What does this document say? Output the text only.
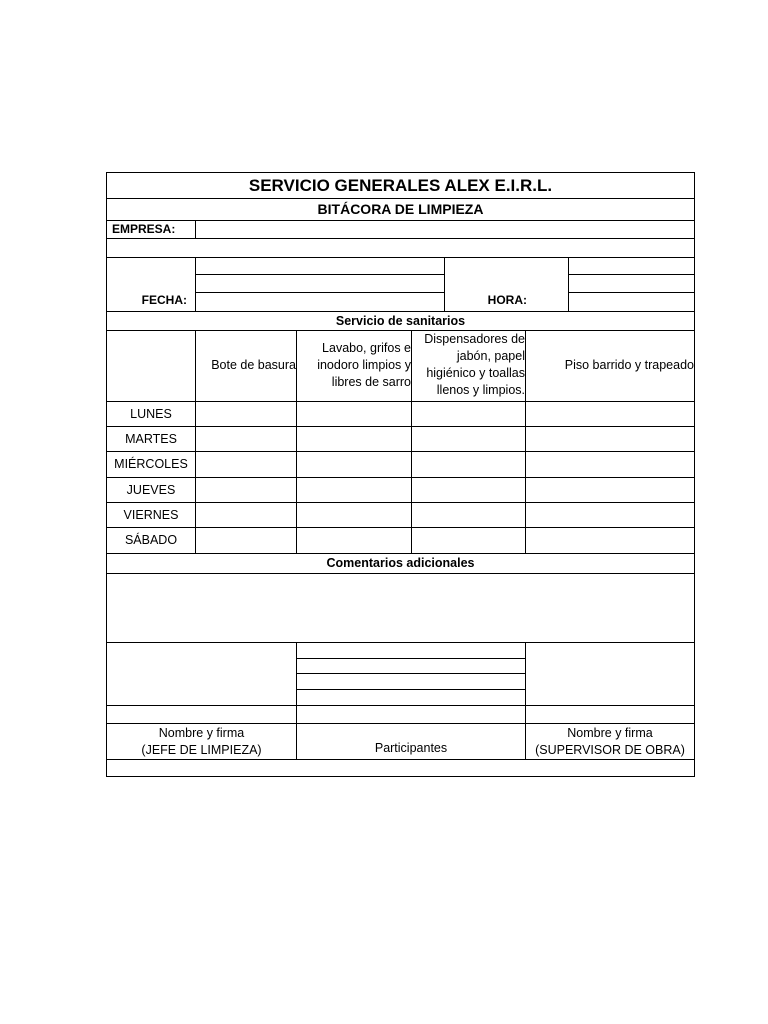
SERVICIO GENERALES ALEX E.I.R.L.
BITÁCORA DE LIMPIEZA
EMPRESA:
FECHA:	HORA:
Servicio de sanitarios
Bote de basura
Lavabo, grifos e
inodoro limpios y
libres de sarro
Dispensadores de
jabón, papel
higiénico y toallas
llenos y limpios.
Piso barrido y trapeado
LUNES
MARTES
MIÉRCOLES
JUEVES
VIERNES
SÁBADO
Comentarios adicionales
Nombre y firma
(JEFE DE LIMPIEZA)	Participantes
Nombre y firma
(SUPERVISOR DE OBRA)
